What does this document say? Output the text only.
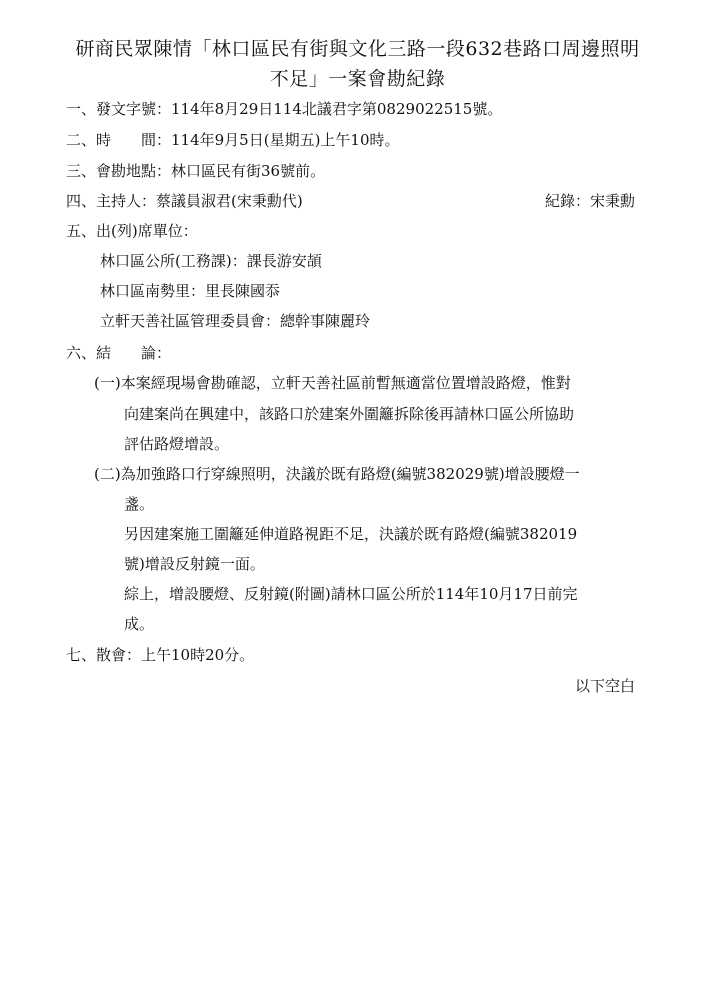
研商民眾陳情「林口區民有街與文化三路一段632巷路口周邊照明
不足」一案會勘紀錄
一、發文字號：114年8月29日114北議君字第0829022515號。
二、時　　間：114年9月5日(星期五)上午10時。
三、會勘地點：林口區民有街36號前。
四、主持人：蔡議員淑君(宋秉勳代)	紀錄：宋秉勳
五、出(列)席單位：
林口區公所(工務課)：課長游安頡
林口區南勢里：里長陳國忝
立軒天善社區管理委員會：總幹事陳麗玲
六、結　　論：
(一)本案經現場會勘確認，立軒天善社區前暫無適當位置增設路燈，惟對
向建案尚在興建中，該路口於建案外圍籬拆除後再請林口區公所協助
評估路燈增設。
(二)為加強路口行穿線照明，決議於既有路燈(編號382029號)增設腰燈一
盞。
另因建案施工圍籬延伸道路視距不足，決議於既有路燈(編號382019
號)增設反射鏡一面。
綜上，增設腰燈、反射鏡(附圖)請林口區公所於114年10月17日前完
成。
七、散會：上午10時20分。
以下空白
